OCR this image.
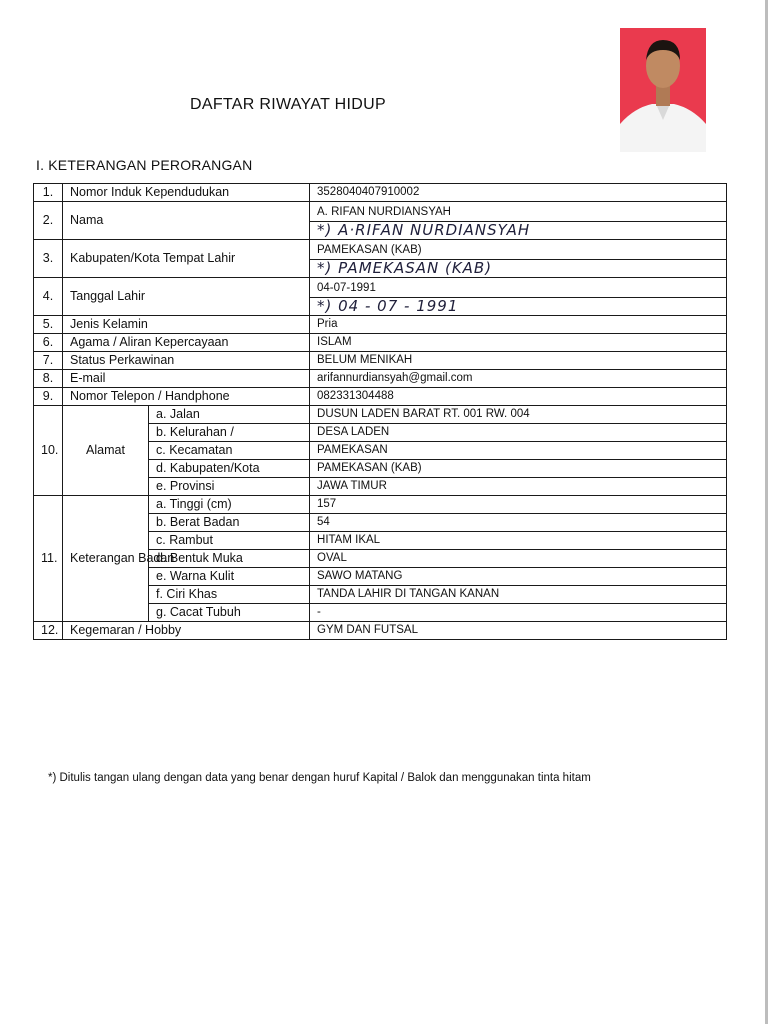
DAFTAR RIWAYAT HIDUP
I. KETERANGAN PERORANGAN
1.	Nomor Induk Kependudukan		3528040407910002
2.	Nama		A. RIFAN NURDIANSYAH
			*) A·RIFAN NURDIANSYAH
3.	Kabupaten/Kota Tempat Lahir		PAMEKASAN (KAB)
			*) PAMEKASAN (KAB)
4.	Tanggal Lahir		04-07-1991
			*) 04 - 07 - 1991
5.	Jenis Kelamin		Pria
6.	Agama / Aliran Kepercayaan		ISLAM
7.	Status Perkawinan		BELUM MENIKAH
8.	E-mail		arifannurdiansyah@gmail.com
9.	Nomor Telepon / Handphone		082331304488
10.	Alamat	a. Jalan	DUSUN LADEN BARAT RT. 001 RW. 004
		b. Kelurahan /	DESA LADEN
		c. Kecamatan	PAMEKASAN
		d. Kabupaten/Kota	PAMEKASAN (KAB)
		e. Provinsi	JAWA TIMUR
11.	Keterangan Badan	a. Tinggi (cm)	157
		b. Berat Badan	54
		c. Rambut	HITAM IKAL
		d. Bentuk Muka	OVAL
		e. Warna Kulit	SAWO MATANG
		f. Ciri Khas	TANDA LAHIR DI TANGAN KANAN
		g. Cacat Tubuh	-
12.	Kegemaran / Hobby		GYM DAN FUTSAL
*) Ditulis tangan ulang dengan data yang benar dengan huruf Kapital / Balok dan menggunakan tinta hitam
